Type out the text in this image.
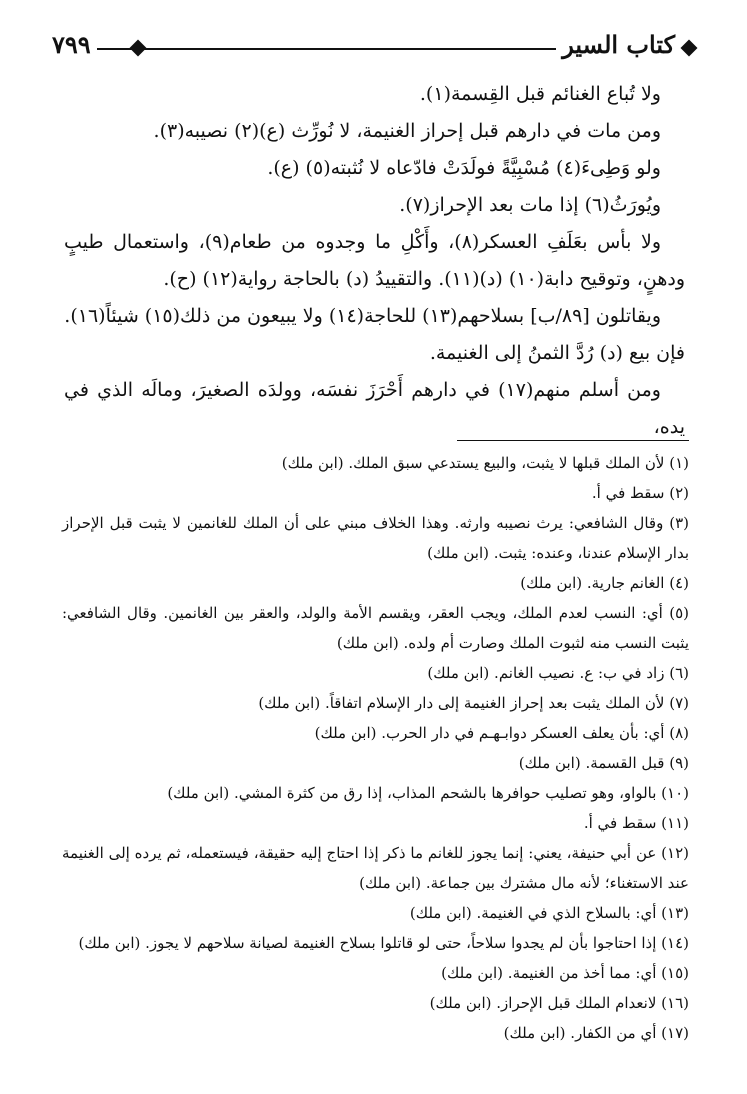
كتاب السير
٧٩٩

ولا تُباع الغنائم قبل القِسمة(١).

ومن مات في دارهم قبل إحراز الغنيمة، لا نُورِّث (ع)(٢) نصيبه(٣).

ولو وَطِىءَ(٤) مُسْبِيَّةً فولَدَتْ فادّعاه لا نُثبته(٥) (ع).

ويُورَثُ(٦) إذا مات بعد الإحراز(٧).

ولا بأس بعَلَفِ العسكر(٨)، وأَكْلِ ما وجدوه من طعام(٩)، واستعمال طيبٍ ودهنٍ، وتوقيح دابة(١٠) (د)(١١). والتقييدُ (د) بالحاجة رواية(١٢) (ح).

ويقاتلون [٨٩/ب] بسلاحهم(١٣) للحاجة(١٤) ولا يبيعون من ذلك(١٥) شيئاً(١٦).

فإن بيع (د) رُدَّ الثمنُ إلى الغنيمة.

ومن أسلم منهم(١٧) في دارهم أَحْرَزَ نفسَه، وولدَه الصغيرَ، ومالَه الذي في يده،

(١) لأن الملك قبلها لا يثبت، والبيع يستدعي سبق الملك. (ابن ملك)

(٢) سقط في أ.

(٣) وقال الشافعي: يرث نصيبه وارثه. وهذا الخلاف مبني على أن الملك للغانمين لا يثبت قبل الإحراز بدار الإسلام عندنا، وعنده: يثبت. (ابن ملك)

(٤) الغانم جارية. (ابن ملك)

(٥) أي: النسب لعدم الملك، ويجب العقر، ويقسم الأمة والولد، والعقر بين الغانمين. وقال الشافعي: يثبت النسب منه لثبوت الملك وصارت أم ولده. (ابن ملك)

(٦) زاد في ب: ع. نصيب الغانم. (ابن ملك)

(٧) لأن الملك يثبت بعد إحراز الغنيمة إلى دار الإسلام اتفاقاً. (ابن ملك)

(٨) أي: بأن يعلف العسكر دوابـهـم في دار الحرب. (ابن ملك)

(٩) قبل القسمة. (ابن ملك)

(١٠) بالواو، وهو تصليب حوافرها بالشحم المذاب، إذا رق من كثرة المشي. (ابن ملك)

(١١) سقط في أ.

(١٢) عن أبي حنيفة، يعني: إنما يجوز للغانم ما ذكر إذا احتاج إليه حقيقة، فيستعمله، ثم يرده إلى الغنيمة عند الاستغناء؛ لأنه مال مشترك بين جماعة. (ابن ملك)

(١٣) أي: بالسلاح الذي في الغنيمة. (ابن ملك)

(١٤) إذا احتاجوا بأن لم يجدوا سلاحاً، حتى لو قاتلوا بسلاح الغنيمة لصيانة سلاحهم لا يجوز. (ابن ملك)

(١٥) أي: مما أخذ من الغنيمة. (ابن ملك)

(١٦) لانعدام الملك قبل الإحراز. (ابن ملك)

(١٧) أي من الكفار. (ابن ملك)
